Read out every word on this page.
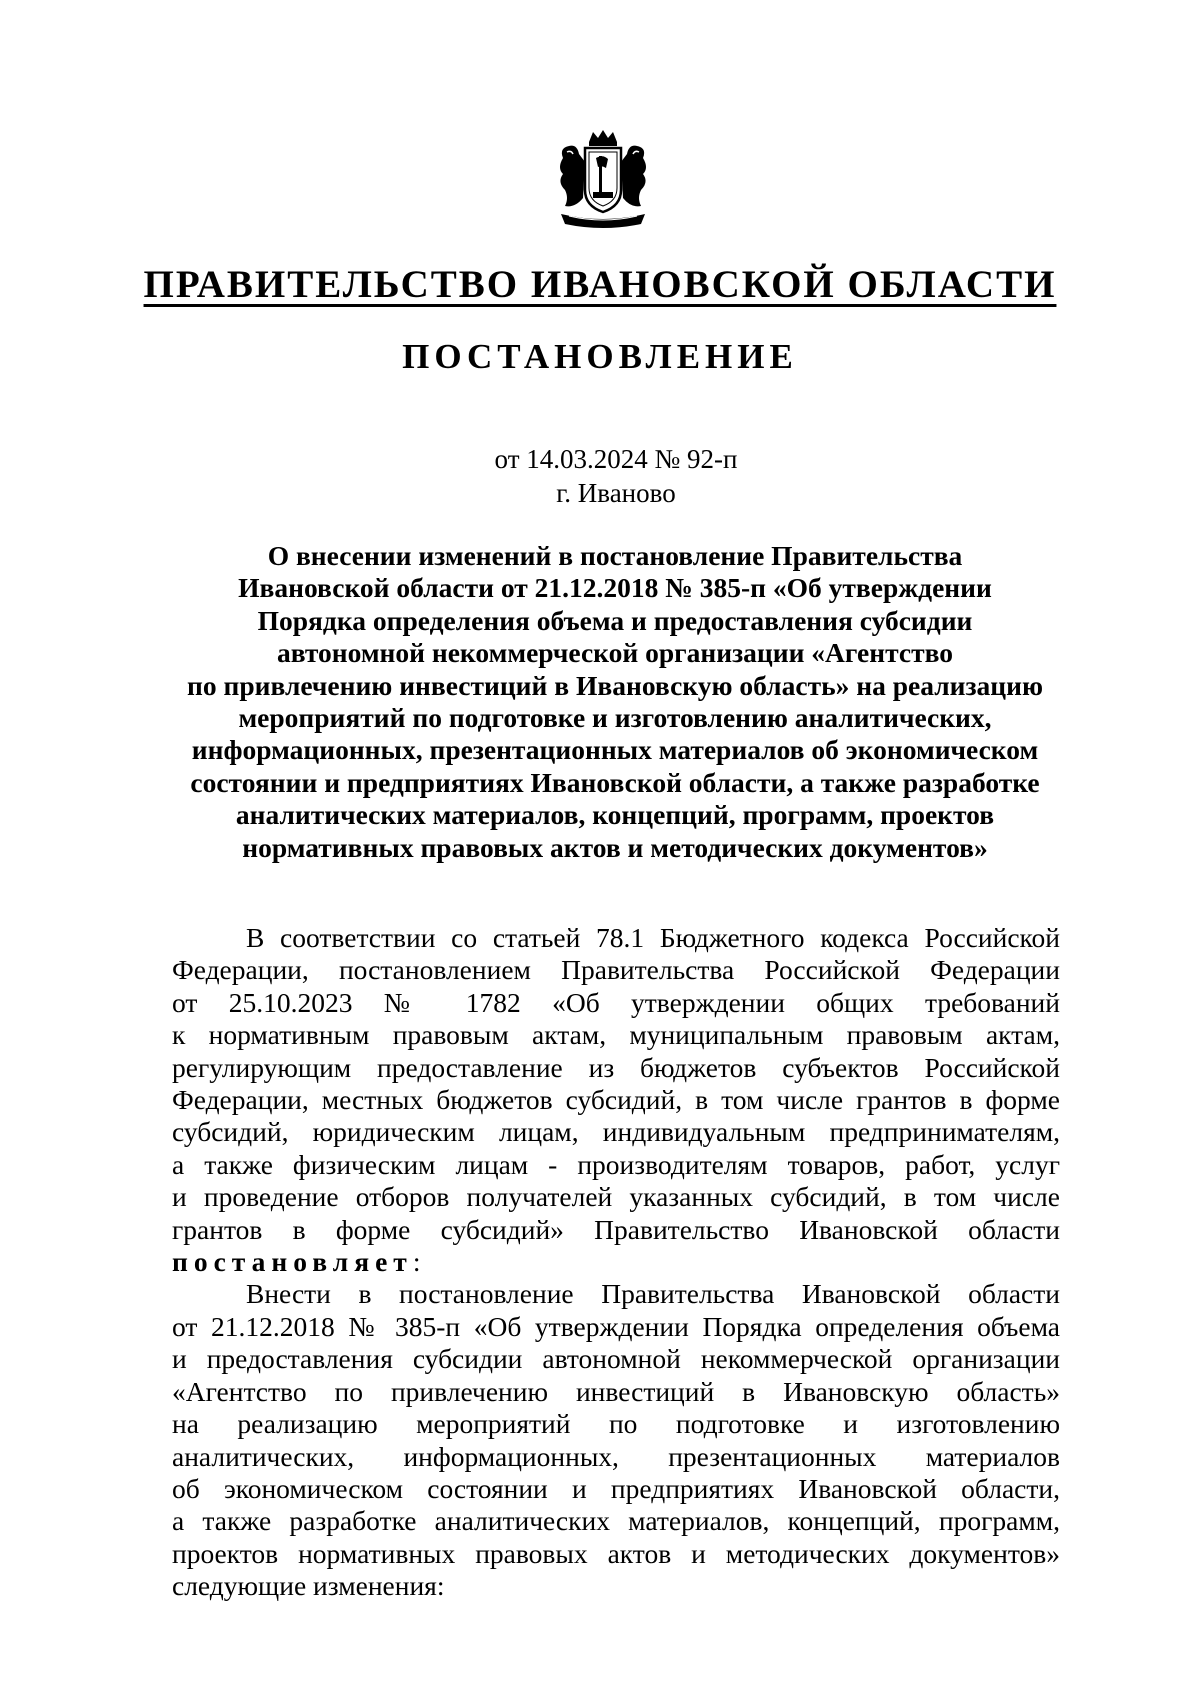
ПРАВИТЕЛЬСТВО ИВАНОВСКОЙ ОБЛАСТИ
ПОСТАНОВЛЕНИЕ
от 14.03.2024 № 92-п
г. Иваново
О внесении изменений в постановление Правительства
Ивановской области от 21.12.2018 № 385-п «Об утверждении
Порядка определения объема и предоставления субсидии
автономной некоммерческой организации «Агентство
по привлечению инвестиций в Ивановскую область» на реализацию
мероприятий по подготовке и изготовлению аналитических,
информационных, презентационных материалов об экономическом
состоянии и предприятиях Ивановской области, а также разработке
аналитических материалов, концепций, программ, проектов
нормативных правовых актов и методических документов»
В соответствии со статьей 78.1 Бюджетного кодекса Российской
Федерации, постановлением Правительства Российской Федерации
от 25.10.2023 № 1782 «Об утверждении общих требований
к нормативным правовым актам, муниципальным правовым актам,
регулирующим предоставление из бюджетов субъектов Российской
Федерации, местных бюджетов субсидий, в том числе грантов в форме
субсидий, юридическим лицам, индивидуальным предпринимателям,
а также физическим лицам - производителям товаров, работ, услуг
и проведение отборов получателей указанных субсидий, в том числе
грантов в форме субсидий» Правительство Ивановской области
постановляет:
Внести в постановление Правительства Ивановской области
от 21.12.2018 № 385-п «Об утверждении Порядка определения объема
и предоставления субсидии автономной некоммерческой организации
«Агентство по привлечению инвестиций в Ивановскую область»
на реализацию мероприятий по подготовке и изготовлению
аналитических, информационных, презентационных материалов
об экономическом состоянии и предприятиях Ивановской области,
а также разработке аналитических материалов, концепций, программ,
проектов нормативных правовых актов и методических документов»
следующие изменения:
